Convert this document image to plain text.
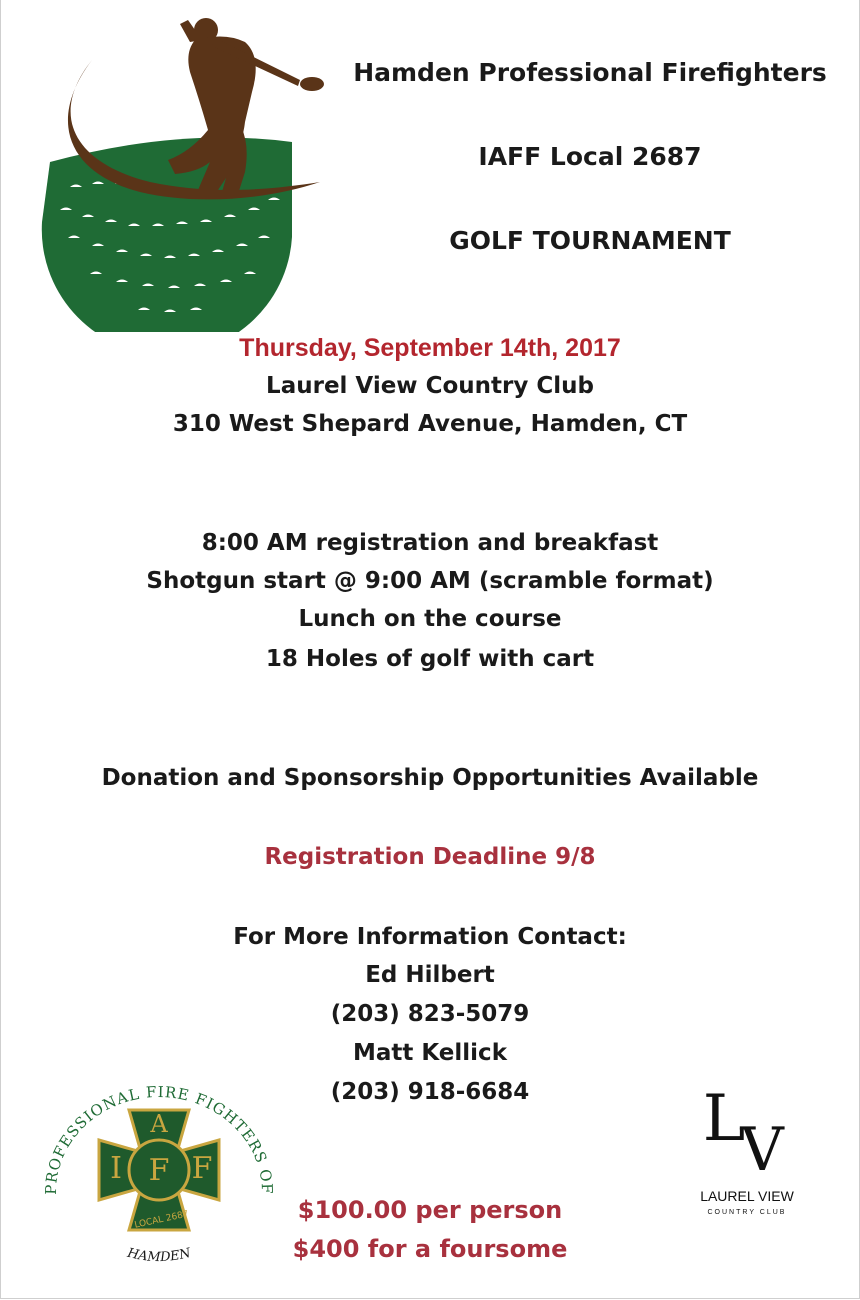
Hamden Professional Firefighters
IAFF Local 2687
GOLF TOURNAMENT
Thursday, September 14th, 2017
Laurel View Country Club
310 West Shepard Avenue, Hamden, CT
8:00 AM registration and breakfast
Shotgun start @ 9:00 AM (scramble format)
Lunch on the course
18 Holes of golf with cart
Donation and Sponsorship Opportunities Available
Registration Deadline 9/8
For More Information Contact:
Ed Hilbert
(203) 823-5079
Matt Kellick
(203) 918-6684
$100.00 per person
$400 for a foursome
PROFESSIONAL FIRE FIGHTERS OF
HAMDEN
A
I F F
LOCAL 2687
L
V
LAUREL VIEW
COUNTRY CLUB
